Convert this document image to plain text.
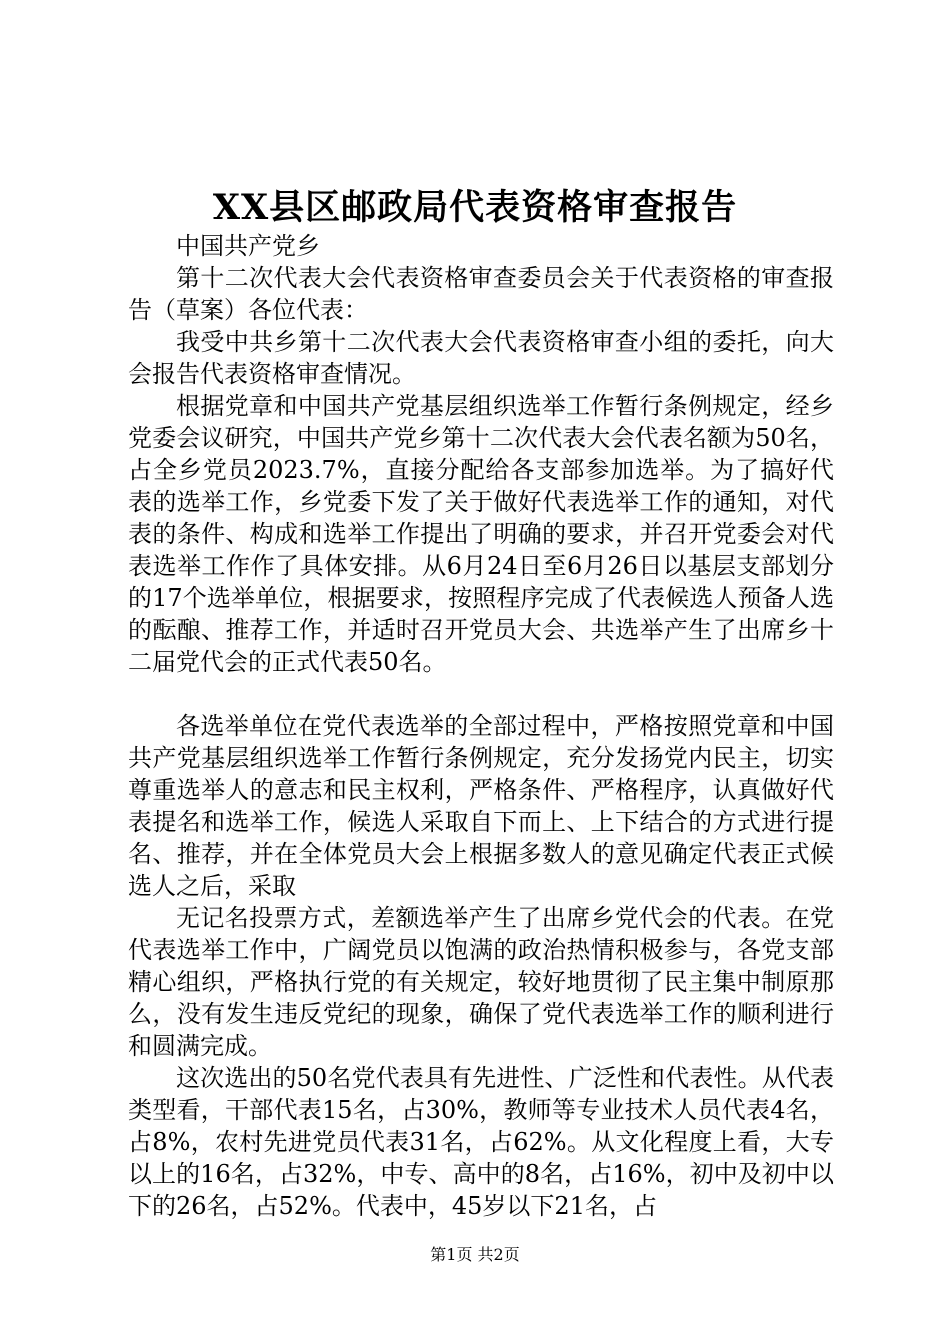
XX县区邮政局代表资格审查报告

中国共产党乡

第十二次代表大会代表资格审查委员会关于代表资格的审查报告（草案）各位代表：

我受中共乡第十二次代表大会代表资格审查小组的委托，向大会报告代表资格审查情况。

根据党章和中国共产党基层组织选举工作暂行条例规定，经乡党委会议研究，中国共产党乡第十二次代表大会代表名额为50名，占全乡党员2023.7%，直接分配给各支部参加选举。为了搞好代表的选举工作，乡党委下发了关于做好代表选举工作的通知，对代表的条件、构成和选举工作提出了明确的要求，并召开党委会对代表选举工作作了具体安排。从6月24日至6月26日以基层支部划分的17个选举单位，根据要求，按照程序完成了代表候选人预备人选的酝酿、推荐工作，并适时召开党员大会、共选举产生了出席乡十二届党代会的正式代表50名。

各选举单位在党代表选举的全部过程中，严格按照党章和中国共产党基层组织选举工作暂行条例规定，充分发扬党内民主，切实尊重选举人的意志和民主权利，严格条件、严格程序，认真做好代表提名和选举工作，候选人采取自下而上、上下结合的方式进行提名、推荐，并在全体党员大会上根据多数人的意见确定代表正式候选人之后，采取

无记名投票方式，差额选举产生了出席乡党代会的代表。在党代表选举工作中，广阔党员以饱满的政治热情积极参与，各党支部精心组织，严格执行党的有关规定，较好地贯彻了民主集中制原那么，没有发生违反党纪的现象，确保了党代表选举工作的顺利进行和圆满完成。

这次选出的50名党代表具有先进性、广泛性和代表性。从代表类型看，干部代表15名，占30%，教师等专业技术人员代表4名，占8%，农村先进党员代表31名，占62%。从文化程度上看，大专以上的16名，占32%，中专、高中的8名，占16%，初中及初中以下的26名，占52%。代表中，45岁以下21名，占

第1页 共2页
